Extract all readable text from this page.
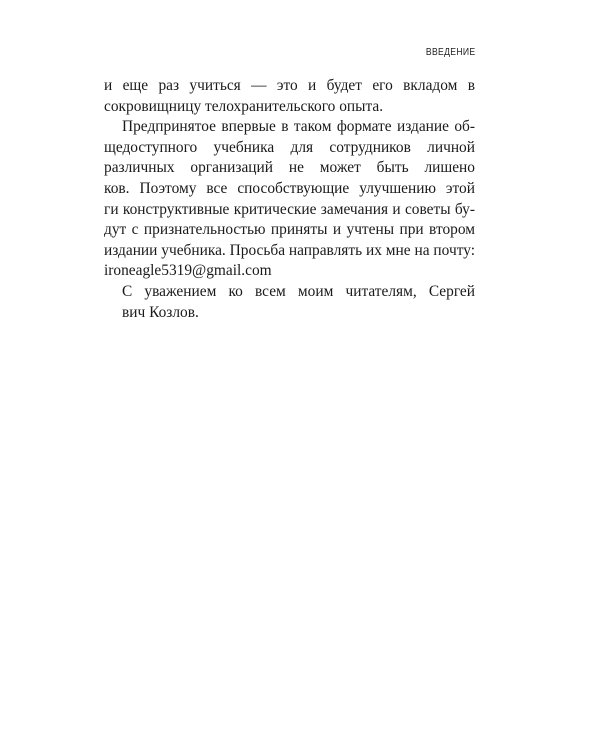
ВВЕДЕНИЕ
и еще раз учиться — это и будет его вкладом в
сокровищницу телохранительского опыта.
Предпринятое впервые в таком формате издание об-
щедоступного учебника для сотрудников личной
различных организаций не может быть лишено
ков. Поэтому все способствующие улучшению этой
ги конструктивные критические замечания и советы бу-
дут с признательностью приняты и учтены при втором
издании учебника. Просьба направлять их мне на почту:
ironeagle5319@gmail.com
С уважением ко всем моим читателям, Сергей
вич Козлов.
